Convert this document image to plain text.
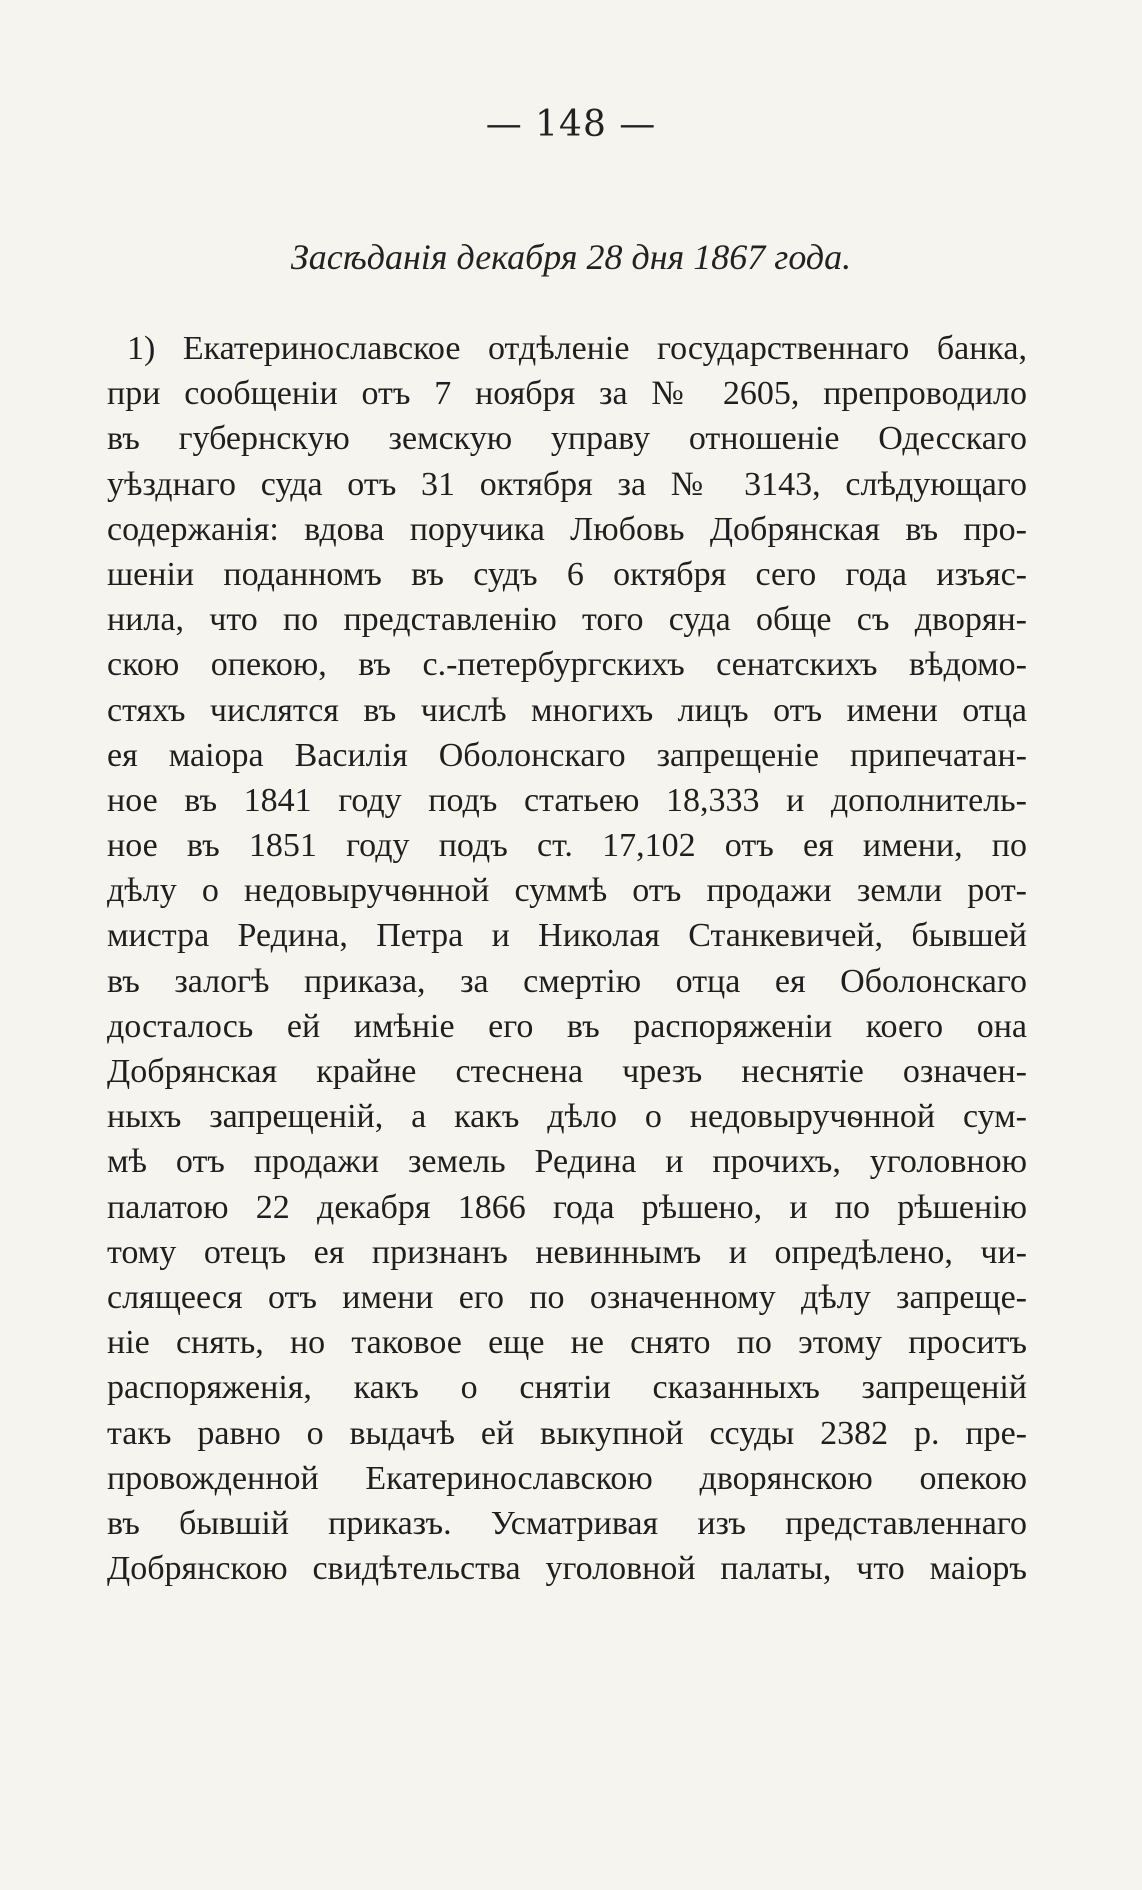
— 148 —
Засѣданія декабря 28 дня 1867 года.
1) Екатеринославское отдѣленіе государственнаго банка,
при сообщеніи отъ 7 ноября за № 2605, препроводило
въ губернскую земскую управу отношеніе Одесскаго
уѣзднаго суда отъ 31 октября за № 3143, слѣдующаго
содержанія: вдова поручика Любовь Добрянская въ про-
шеніи поданномъ въ судъ 6 октября сего года изъяс-
нила, что по представленію того суда обще съ дворян-
скою опекою, въ с.-петербургскихъ сенатскихъ вѣдомо-
стяхъ числятся въ числѣ многихъ лицъ отъ имени отца
ея маіора Василія Оболонскаго запрещеніе припечатан-
ное въ 1841 году подъ статьею 18,333 и дополнитель-
ное въ 1851 году подъ ст. 17,102 отъ ея имени, по
дѣлу о недовыручѳнной суммѣ отъ продажи земли рот-
мистра Редина, Петра и Николая Станкевичей, бывшей
въ залогѣ приказа, за смертію отца ея Оболонскаго
досталось ей имѣніе его въ распоряженіи коего она
Добрянская крайне стеснена чрезъ неснятіе означен-
ныхъ запрещеній, а какъ дѣло о недовыручѳнной сум-
мѣ отъ продажи земель Редина и прочихъ, уголовною
палатою 22 декабря 1866 года рѣшено, и по рѣшенію
тому отецъ ея признанъ невиннымъ и опредѣлено, чи-
слящееся отъ имени его по означенному дѣлу запреще-
ніе снять, но таковое еще не снято по этому проситъ
распоряженія, какъ о снятіи сказанныхъ запрещеній
такъ равно о выдачѣ ей выкупной ссуды 2382 р. пре-
провожденной Екатеринославскою дворянскою опекою
въ бывшій приказъ. Усматривая изъ представленнаго
Добрянскою свидѣтельства уголовной палаты, что маіоръ
